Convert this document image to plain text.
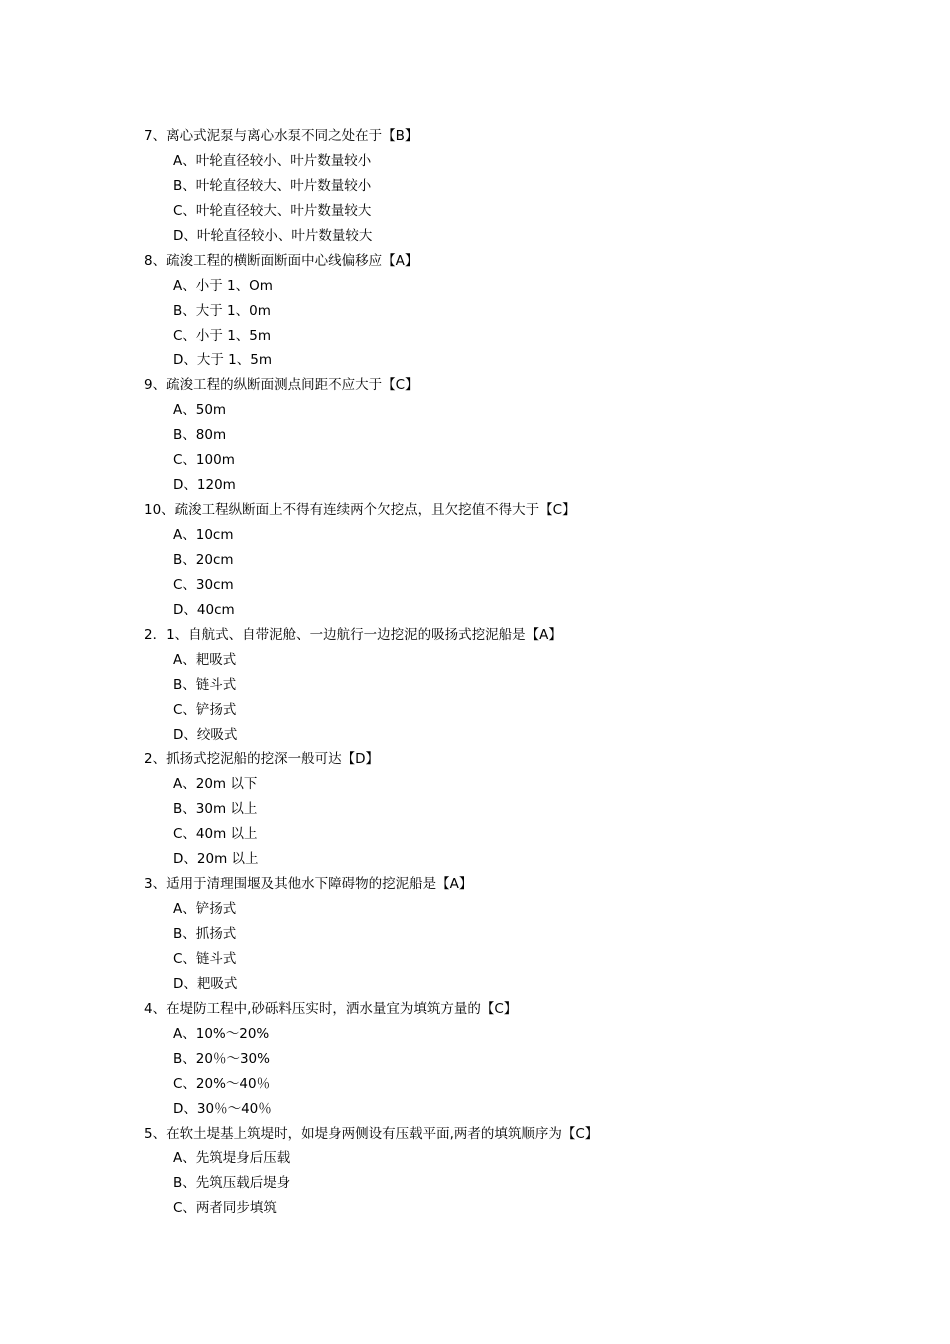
7、离心式泥泵与离心水泵不同之处在于【B】
A、叶轮直径较小、叶片数量较小
B、叶轮直径较大、叶片数量较小
C、叶轮直径较大、叶片数量较大
D、叶轮直径较小、叶片数量较大
8、疏浚工程的横断面断面中心线偏移应【A】
A、小于 1、Om
B、大于 1、0m
C、小于 1、5m
D、大于 1、5m
9、疏浚工程的纵断面测点间距不应大于【C】
A、50m
B、80m
C、100m
D、120m
10、疏浚工程纵断面上不得有连续两个欠挖点，且欠挖值不得大于【C】
A、10cm
B、20cm
C、30cm
D、40cm
2．1、自航式、自带泥舱、一边航行一边挖泥的吸扬式挖泥船是【A】
A、耙吸式
B、链斗式
C、铲扬式
D、绞吸式
2、抓扬式挖泥船的挖深一般可达【D】
A、20m 以下
B、30m 以上
C、40m 以上
D、20m 以上
3、适用于清理围堰及其他水下障碍物的挖泥船是【A】
A、铲扬式
B、抓扬式
C、链斗式
D、耙吸式
4、在堤防工程中,砂砾料压实时，洒水量宜为填筑方量的【C】
A、10%～20%
B、20％～30%
C、20%～40％
D、30％～40％
5、在软土堤基上筑堤时，如堤身两侧设有压载平面,两者的填筑顺序为【C】
A、先筑堤身后压载
B、先筑压载后堤身
C、两者同步填筑
